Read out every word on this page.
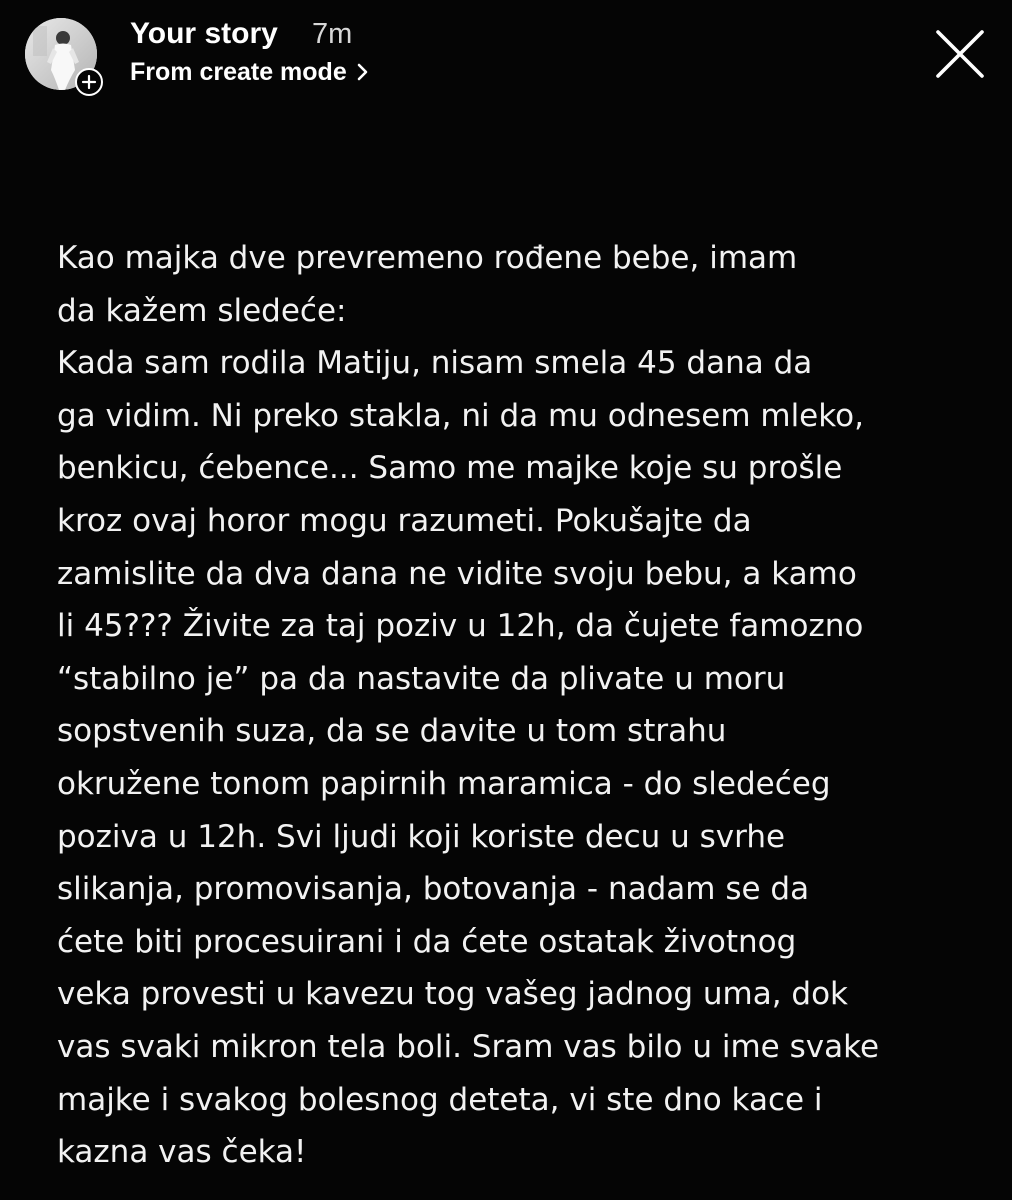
Your story 7m
From create mode
Kao majka dve prevremeno rođene bebe, imam
da kažem sledeće:
Kada sam rodila Matiju, nisam smela 45 dana da
ga vidim. Ni preko stakla, ni da mu odnesem mleko,
benkicu, ćebence... Samo me majke koje su prošle
kroz ovaj horor mogu razumeti. Pokušajte da
zamislite da dva dana ne vidite svoju bebu, a kamo
li 45??? Živite za taj poziv u 12h, da čujete famozno
“stabilno je” pa da nastavite da plivate u moru
sopstvenih suza, da se davite u tom strahu
okružene tonom papirnih maramica - do sledećeg
poziva u 12h. Svi ljudi koji koriste decu u svrhe
slikanja, promovisanja, botovanja - nadam se da
ćete biti procesuirani i da ćete ostatak životnog
veka provesti u kavezu tog vašeg jadnog uma, dok
vas svaki mikron tela boli. Sram vas bilo u ime svake
majke i svakog bolesnog deteta, vi ste dno kace i
kazna vas čeka!
